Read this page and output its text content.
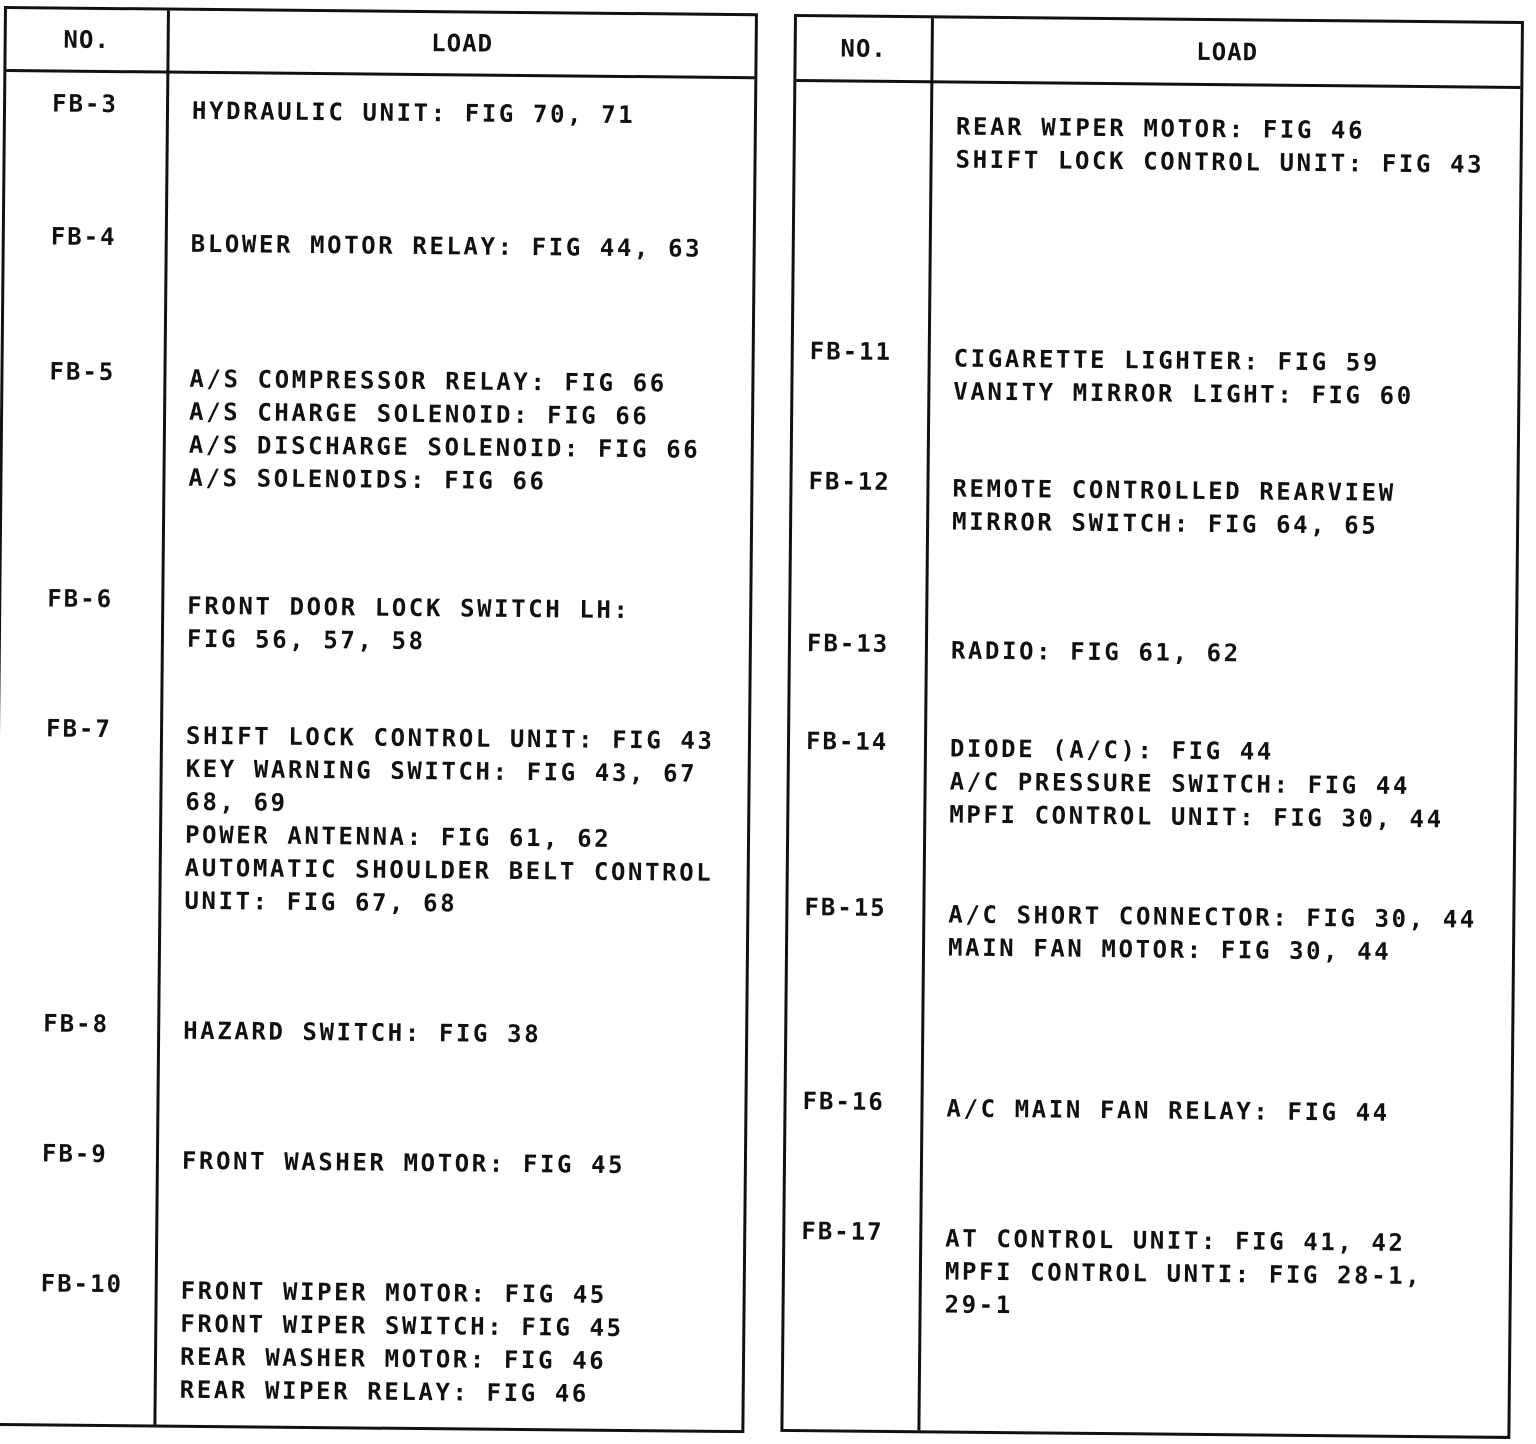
NO.	LOAD
FB-3	HYDRAULIC UNIT: FIG 70, 71
FB-4	BLOWER MOTOR RELAY: FIG 44, 63
FB-5	A/S COMPRESSOR RELAY: FIG 66
A/S CHARGE SOLENOID: FIG 66
A/S DISCHARGE SOLENOID: FIG 66
A/S SOLENOIDS: FIG 66
FB-6	FRONT DOOR LOCK SWITCH LH:
FIG 56, 57, 58
FB-7	SHIFT LOCK CONTROL UNIT: FIG 43
KEY WARNING SWITCH: FIG 43, 67
68, 69
POWER ANTENNA: FIG 61, 62
AUTOMATIC SHOULDER BELT CONTROL
UNIT: FIG 67, 68
FB-8	HAZARD SWITCH: FIG 38
FB-9	FRONT WASHER MOTOR: FIG 45
FB-10 FRONT WIPER MOTOR: FIG 45
FRONT WIPER SWITCH: FIG 45
REAR WASHER MOTOR: FIG 46
REAR WIPER RELAY: FIG 46
NO.	LOAD
REAR WIPER MOTOR: FIG 46
SHIFT LOCK CONTROL UNIT: FIG 43
FB-11	CIGARETTE LIGHTER: FIG 59
VANITY MIRROR LIGHT: FIG 60
FB-12	REMOTE CONTROLLED REARVIEW
MIRROR SWITCH: FIG 64, 65
FB-13	RADIO: FIG 61, 62
FB-14	DIODE (A/C): FIG 44
A/C PRESSURE SWITCH: FIG 44
MPFI CONTROL UNIT: FIG 30, 44
FB-15	A/C SHORT CONNECTOR: FIG 30, 44
MAIN FAN MOTOR: FIG 30, 44
FB-16	A/C MAIN FAN RELAY: FIG 44
FB-17	AT CONTROL UNIT: FIG 41, 42
MPFI CONTROL UNTI: FIG 28-1,
29-1
